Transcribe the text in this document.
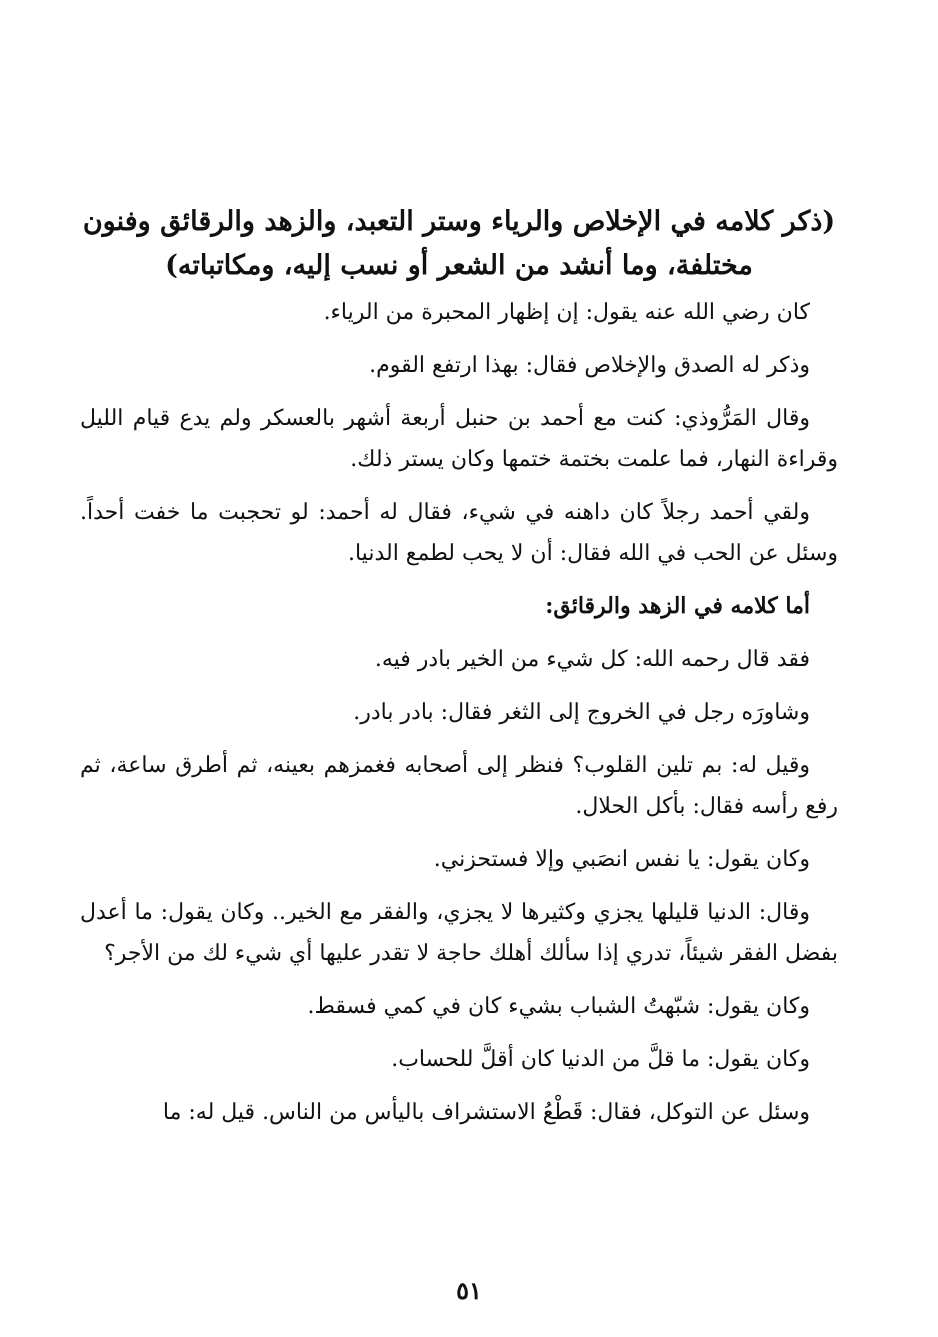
(ذكر كلامه في الإخلاص والرياء وستر التعبد، والزهد والرقائق وفنون مختلفة، وما أنشد من الشعر أو نسب إليه، ومكاتباته)

كان رضي الله عنه يقول: إن إظهار المحبرة من الرياء.

وذكر له الصدق والإخلاص فقال: بهذا ارتفع القوم.

وقال المَرُّوذي: كنت مع أحمد بن حنبل أربعة أشهر بالعسكر ولم يدع قيام الليل وقراءة النهار، فما علمت بختمة ختمها وكان يستر ذلك.

ولقي أحمد رجلاً كان داهنه في شيء، فقال له أحمد: لو تحجبت ما خفت أحداً. وسئل عن الحب في الله فقال: أن لا يحب لطمع الدنيا.

أما كلامه في الزهد والرقائق:

فقد قال رحمه الله: كل شيء من الخير بادر فيه.

وشاورَه رجل في الخروج إلى الثغر فقال: بادر بادر.

وقيل له: بم تلين القلوب؟ فنظر إلى أصحابه فغمزهم بعينه، ثم أطرق ساعة، ثم رفع رأسه فقال: بأكل الحلال.

وكان يقول: يا نفس انصَبي وإلا فستحزني.

وقال: الدنيا قليلها يجزي وكثيرها لا يجزي، والفقر مع الخير.. وكان يقول: ما أعدل بفضل الفقر شيئاً، تدري إذا سألك أهلك حاجة لا تقدر عليها أي شيء لك من الأجر؟

وكان يقول: شبّهتُ الشباب بشيء كان في كمي فسقط.

وكان يقول: ما قلَّ من الدنيا كان أقلَّ للحساب.

وسئل عن التوكل، فقال: قَطْعُ الاستشراف باليأس من الناس. قيل له: ما

٥١
